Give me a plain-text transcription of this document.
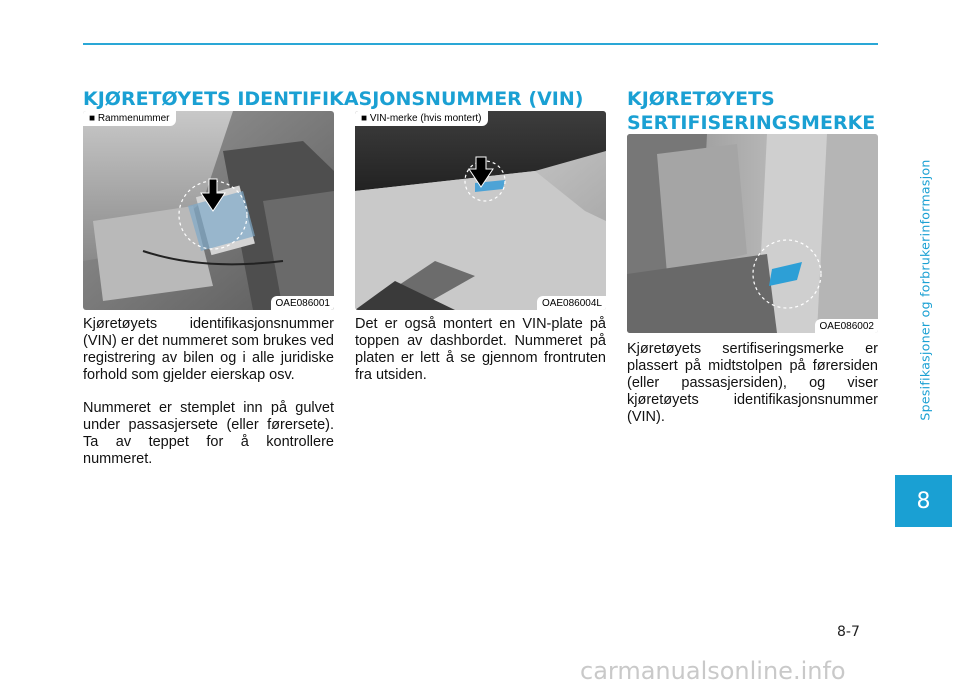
KJØRETØYETS IDENTIFIKASJONSNUMMER (VIN)
■ Rammenummer
OAE086001
■ VIN-merke (hvis montert)
OAE086004L

Kjøretøyets identifikasjonsnummer (VIN) er det nummeret som brukes ved registrering av bilen og i alle juridiske forhold som gjelder eierskap osv.

Nummeret er stemplet inn på gulvet under passasjersete (eller førersete). Ta av teppet for å kontrollere nummeret.

Det er også montert en VIN-plate på toppen av dashbordet. Nummeret på platen er lett å se gjennom frontruten fra utsiden.

KJØRETØYETS
SERTIFISERINGSMERKE
OAE086002

Kjøretøyets sertifiseringsmerke er plassert på midtstolpen på førersiden (eller passasjersiden), og viser kjøretøyets identifikasjonsnummer (VIN).	Spesifikasjoner og forbrukerinformasjon
8
8-7
carmanualsonline.info
